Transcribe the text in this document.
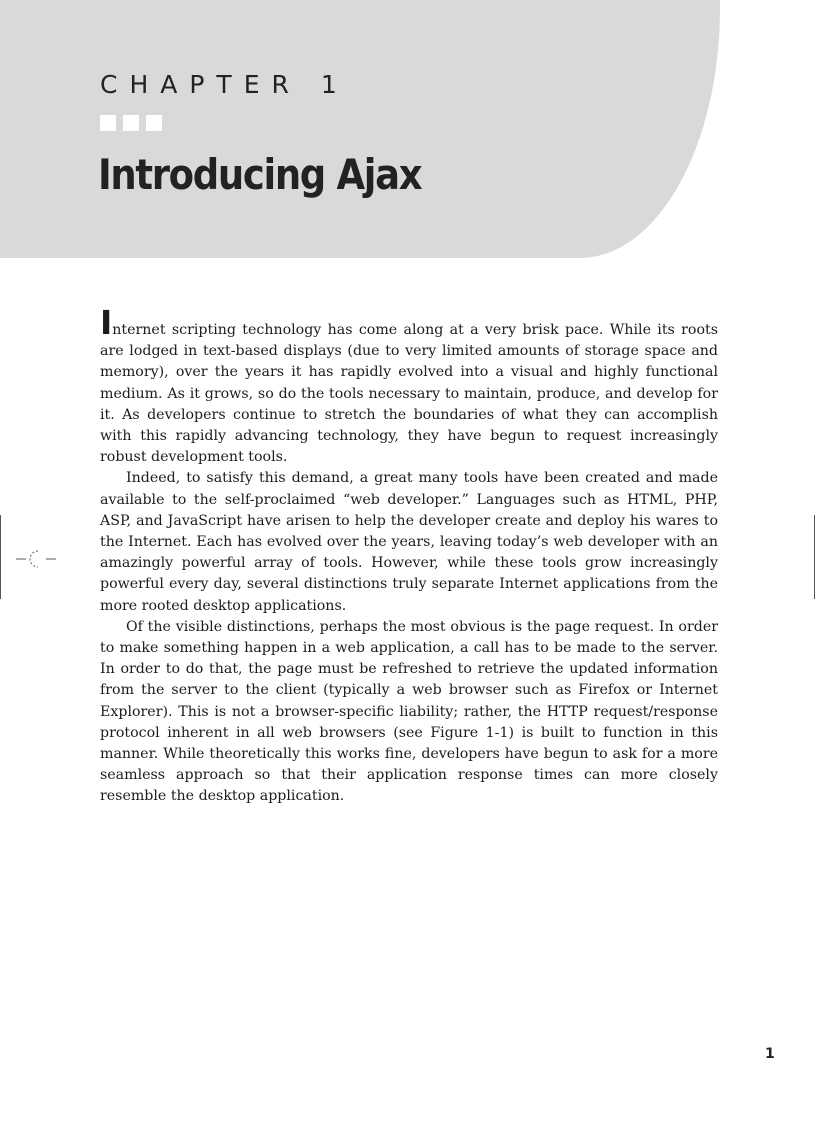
CHAPTER 1
Introducing Ajax

Internet scripting technology has come along at a very brisk pace. While its roots are lodged in text-based displays (due to very limited amounts of storage space and memory), over the years it has rapidly evolved into a visual and highly functional medium. As it grows, so do the tools necessary to maintain, produce, and develop for it. As developers continue to stretch the boundaries of what they can accomplish with this rapidly advancing technology, they have begun to request increasingly robust development tools.

Indeed, to satisfy this demand, a great many tools have been created and made available to the self-proclaimed “web developer.” Languages such as HTML, PHP, ASP, and JavaScript have arisen to help the developer create and deploy his wares to the Internet. Each has evolved over the years, leaving today’s web developer with an amazingly powerful array of tools. However, while these tools grow increasingly powerful every day, several distinctions truly separate Internet applications from the more rooted desktop applications.

Of the visible distinctions, perhaps the most obvious is the page request. In order to make something happen in a web application, a call has to be made to the server. In order to do that, the page must be refreshed to retrieve the updated information from the server to the client (typically a web browser such as Firefox or Internet Explorer). This is not a browser-specific liability; rather, the HTTP request/response protocol inherent in all web browsers (see Figure 1-1) is built to function in this manner. While theoretically this works fine, developers have begun to ask for a more seamless approach so that their application response times can more closely resemble the desktop application.

1
